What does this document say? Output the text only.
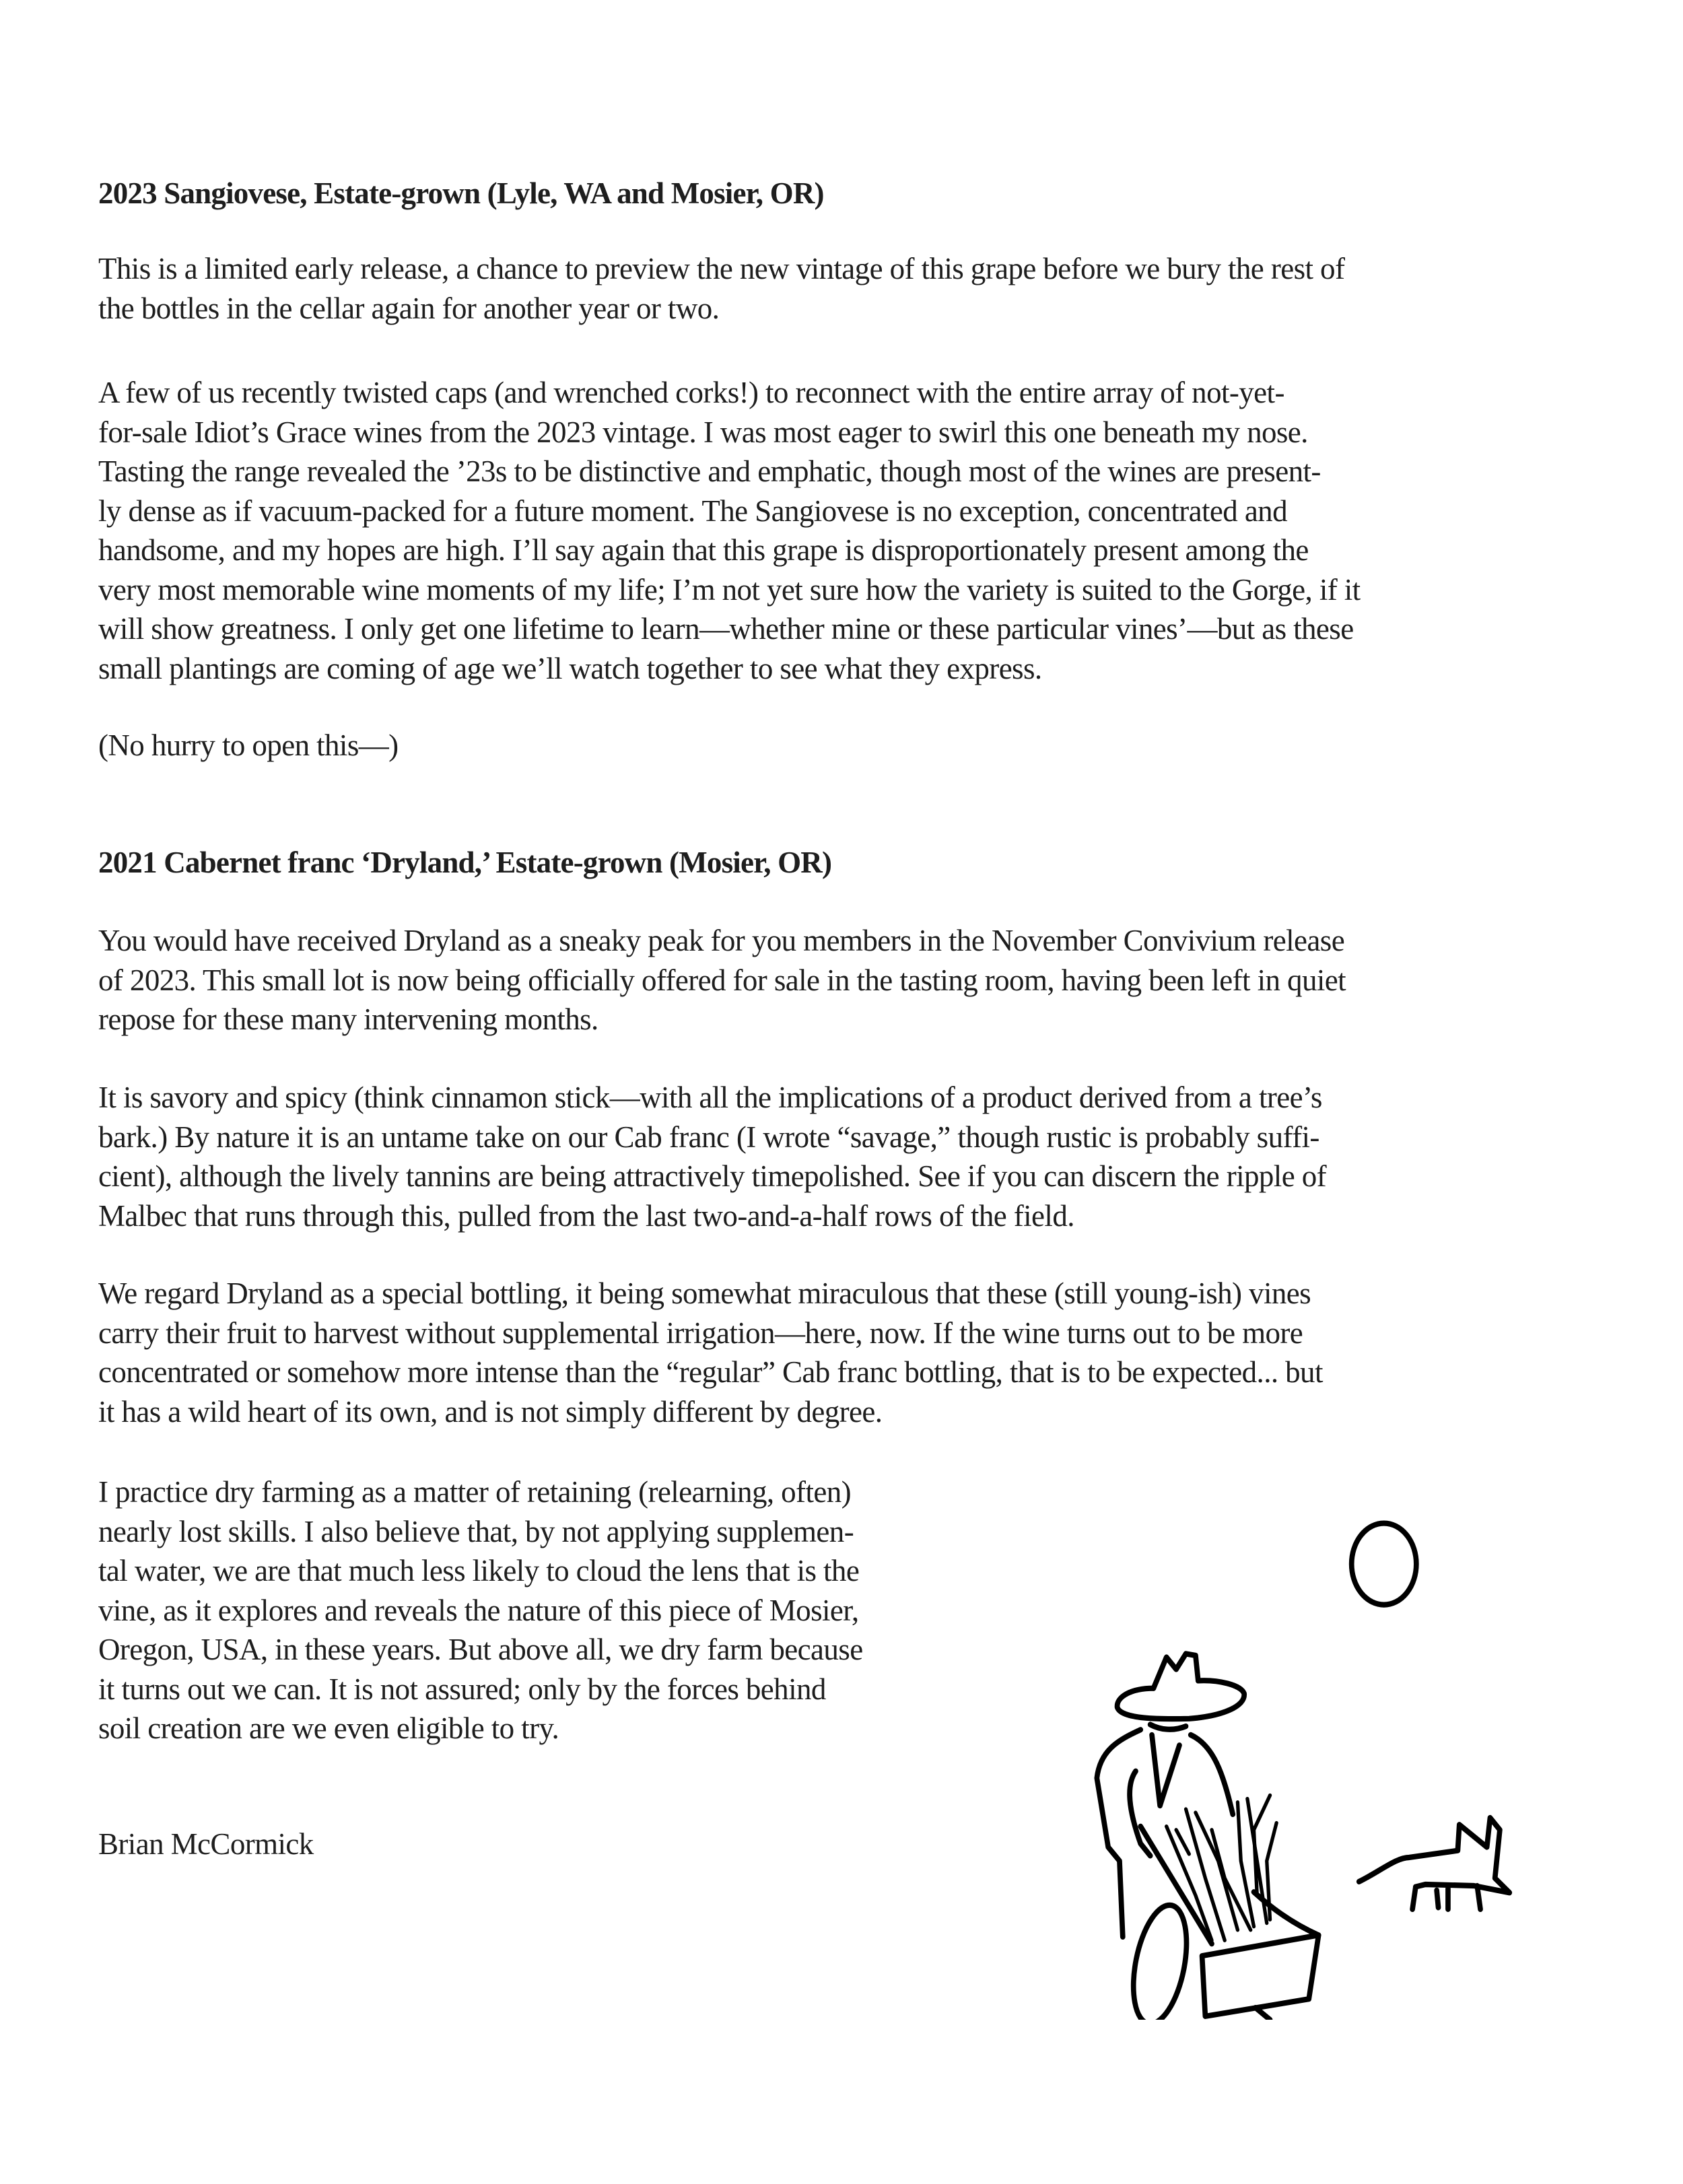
2023 Sangiovese, Estate-grown (Lyle, WA and Mosier, OR)
This is a limited early release, a chance to preview the new vintage of this grape before we bury the rest of
the bottles in the cellar again for another year or two.
A few of us recently twisted caps (and wrenched corks!) to reconnect with the entire array of not-yet-
for-sale Idiot’s Grace wines from the 2023 vintage. I was most eager to swirl this one beneath my nose.
Tasting the range revealed the ’23s to be distinctive and emphatic, though most of the wines are present-
ly dense as if vacuum-packed for a future moment. The Sangiovese is no exception, concentrated and
handsome, and my hopes are high. I’ll say again that this grape is disproportionately present among the
very most memorable wine moments of my life; I’m not yet sure how the variety is suited to the Gorge, if it
will show greatness. I only get one lifetime to learn—whether mine or these particular vines’—but as these
small plantings are coming of age we’ll watch together to see what they express.
(No hurry to open this—)
2021 Cabernet franc ‘Dryland,’ Estate-grown (Mosier, OR)
You would have received Dryland as a sneaky peak for you members in the November Convivium release
of 2023. This small lot is now being officially offered for sale in the tasting room, having been left in quiet
repose for these many intervening months.
It is savory and spicy (think cinnamon stick—with all the implications of a product derived from a tree’s
bark.) By nature it is an untame take on our Cab franc (I wrote “savage,” though rustic is probably suffi-
cient), although the lively tannins are being attractively timepolished. See if you can discern the ripple of
Malbec that runs through this, pulled from the last two-and-a-half rows of the field.
We regard Dryland as a special bottling, it being somewhat miraculous that these (still young-ish) vines
carry their fruit to harvest without supplemental irrigation—here, now. If the wine turns out to be more
concentrated or somehow more intense than the “regular” Cab franc bottling, that is to be expected... but
it has a wild heart of its own, and is not simply different by degree.
I practice dry farming as a matter of retaining (relearning, often)
nearly lost skills. I also believe that, by not applying supplemen-
tal water, we are that much less likely to cloud the lens that is the
vine, as it explores and reveals the nature of this piece of Mosier,
Oregon, USA, in these years. But above all, we dry farm because
it turns out we can. It is not assured; only by the forces behind
soil creation are we even eligible to try.
Brian McCormick
